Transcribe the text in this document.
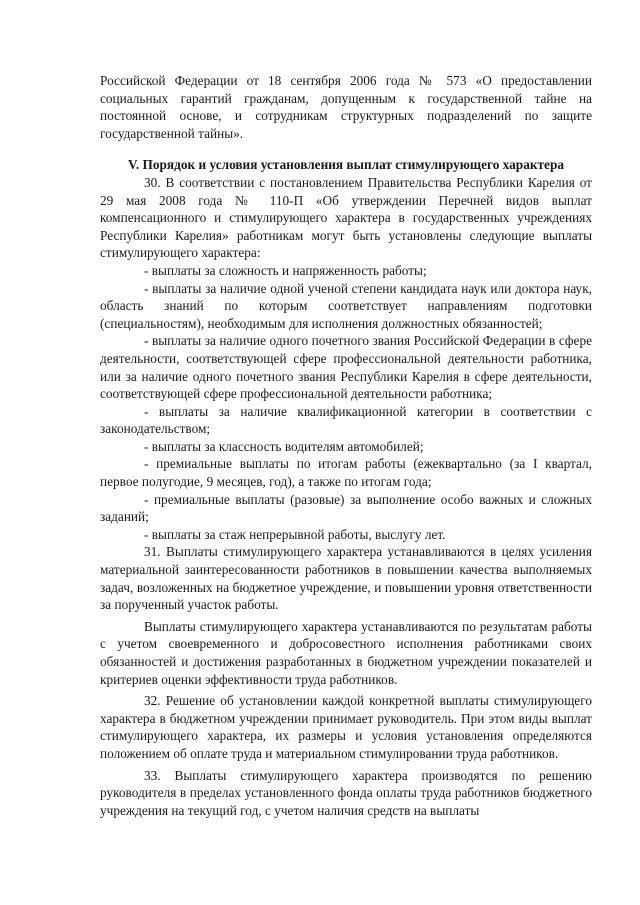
Российской Федерации от 18 сентября 2006 года № 573 «О предоставлении социальных гарантий гражданам, допущенным к государственной тайне на постоянной основе, и сотрудникам структурных подразделений по защите государственной тайны».

V. Порядок и условия установления выплат стимулирующего характера

30. В соответствии с постановлением Правительства Республики Карелия от 29 мая 2008 года № 110-П «Об утверждении Перечней видов выплат компенсационного и стимулирующего характера в государственных учреждениях Республики Карелия» работникам могут быть установлены следующие выплаты стимулирующего характера:

- выплаты за сложность и напряженность работы;

- выплаты за наличие одной ученой степени кандидата наук или доктора наук, область знаний по которым соответствует направлениям подготовки (специальностям), необходимым для исполнения должностных обязанностей;

- выплаты за наличие одного почетного звания Российской Федерации в сфере деятельности, соответствующей сфере профессиональной деятельности работника, или за наличие одного почетного звания Республики Карелия в сфере деятельности, соответствующей сфере профессиональной деятельности работника;

- выплаты за наличие квалификационной категории в соответствии с законодательством;

- выплаты за классность водителям автомобилей;

- премиальные выплаты по итогам работы (ежеквартально (за I квартал, первое полугодие, 9 месяцев, год), а также по итогам года;

- премиальные выплаты (разовые) за выполнение особо важных и сложных заданий;

- выплаты за стаж непрерывной работы, выслугу лет.

31. Выплаты стимулирующего характера устанавливаются в целях усиления материальной заинтересованности работников в повышении качества выполняемых задач, возложенных на бюджетное учреждение, и повышении уровня ответственности за порученный участок работы.

Выплаты стимулирующего характера устанавливаются по результатам работы с учетом своевременного и добросовестного исполнения работниками своих обязанностей и достижения разработанных в бюджетном учреждении показателей и критериев оценки эффективности труда работников.

32. Решение об установлении каждой конкретной выплаты стимулирующего характера в бюджетном учреждении принимает руководитель. При этом виды выплат стимулирующего характера, их размеры и условия установления определяются положением об оплате труда и материальном стимулировании труда работников.

33. Выплаты стимулирующего характера производятся по решению руководителя в пределах установленного фонда оплаты труда работников бюджетного учреждения на текущий год, с учетом наличия средств на выплаты
